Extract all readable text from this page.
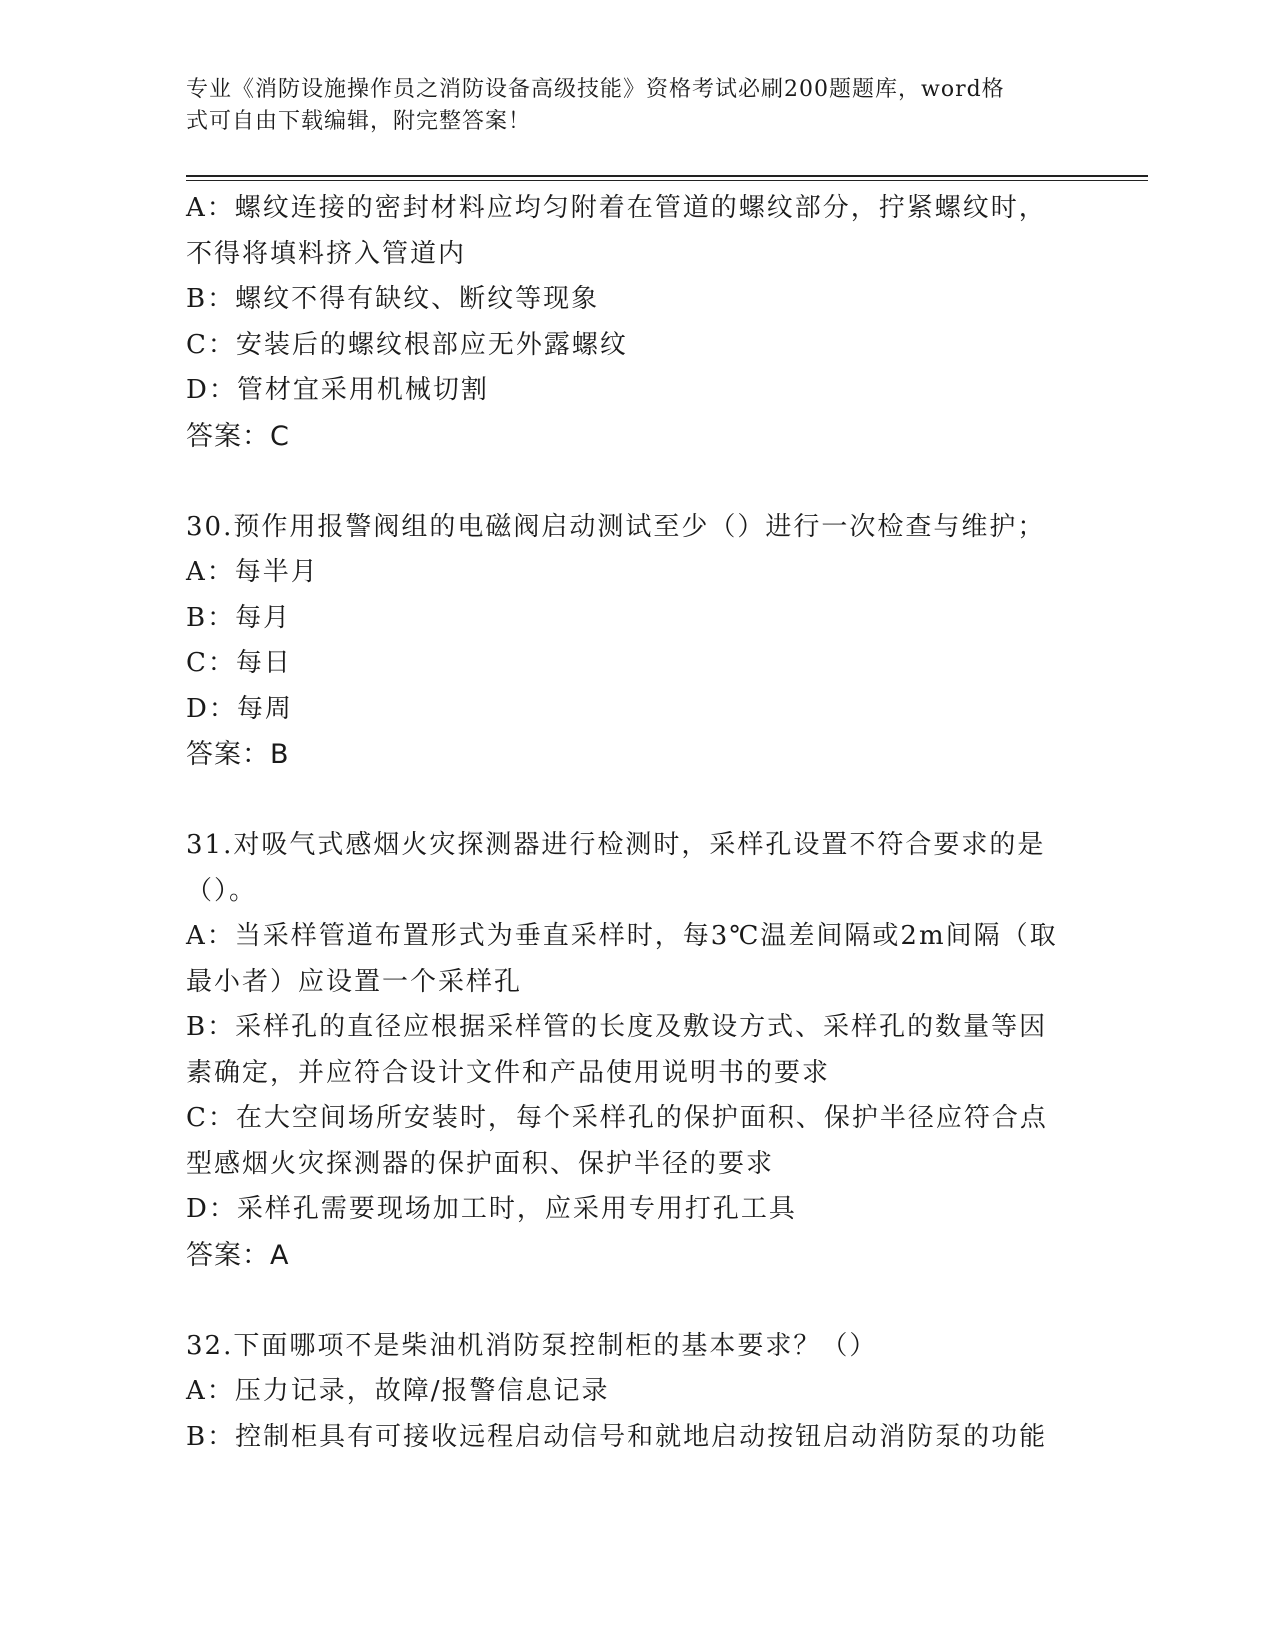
专业《消防设施操作员之消防设备高级技能》资格考试必刷200题题库，word格
式可自由下载编辑，附完整答案！
A：螺纹连接的密封材料应均匀附着在管道的螺纹部分，拧紧螺纹时，
不得将填料挤入管道内
B：螺纹不得有缺纹、断纹等现象
C：安装后的螺纹根部应无外露螺纹
D：管材宜采用机械切割
答案：C
30.预作用报警阀组的电磁阀启动测试至少（）进行一次检查与维护；
A：每半月
B：每月
C：每日
D：每周
答案：B
31.对吸气式感烟火灾探测器进行检测时，采样孔设置不符合要求的是
（）。
A：当采样管道布置形式为垂直采样时，每3℃温差间隔或2m间隔（取
最小者）应设置一个采样孔
B：采样孔的直径应根据采样管的长度及敷设方式、采样孔的数量等因
素确定，并应符合设计文件和产品使用说明书的要求
C：在大空间场所安装时，每个采样孔的保护面积、保护半径应符合点
型感烟火灾探测器的保护面积、保护半径的要求
D：采样孔需要现场加工时，应采用专用打孔工具
答案：A
32.下面哪项不是柴油机消防泵控制柜的基本要求？（）
A：压力记录，故障/报警信息记录
B：控制柜具有可接收远程启动信号和就地启动按钮启动消防泵的功能
